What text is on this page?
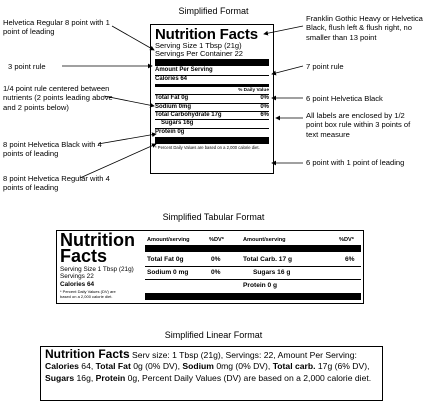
Simplified Format
Simplified Tabular Format
Simplified Linear Format
Helvetica Regular 8 point with 1 point of leading
Franklin Gothic Heavy or Helvetica Black, flush left & flush right, no smaller than 13 point
3 point rule	7 point rule
1/4 point rule centered between nutrients (2 points leading above and 2 points below)
6 point Helvetica Black
All labels are enclosed by 1/2 point box rule within 3 points of text measure
8 point Helvetica Black with 4 points of leading
6 point with 1 point of leading
8 point Helvetica Regular with 4 points of leading
Nutrition Facts
Serving Size 1 Tbsp (21g)
Servings Per Container 22
Amount Per Serving
Calories 64
% Daily Value
Total Fat 0g	0%
Sodium 0mg	0%
Total Carbohydrate 17g	6%
Sugars 16g
Protein 0g
* Percent Daily Values are based on a 2,000 calorie diet.
Nutrition
Facts
Serving Size 1 Tbsp (21g)
Servings 22
Calories 64
* Percent Daily Values (DV) are
based on a 2,000 calorie diet.
Amount/serving	%DV*	Amount/serving	%DV*
Total Fat 0g	0%	Total Carb. 17 g	6%
Sodium 0 mg	0%	Sugars 16 g
Protein 0 g
Nutrition Facts Serv size: 1 Tbsp (21g), Servings: 22, Amount Per Serving: Calories 64, Total Fat 0g (0% DV), Sodium 0mg (0% DV), Total carb. 17g (6% DV), Sugars 16g, Protein 0g, Percent Daily Values (DV) are based on a 2,000 calorie diet.
